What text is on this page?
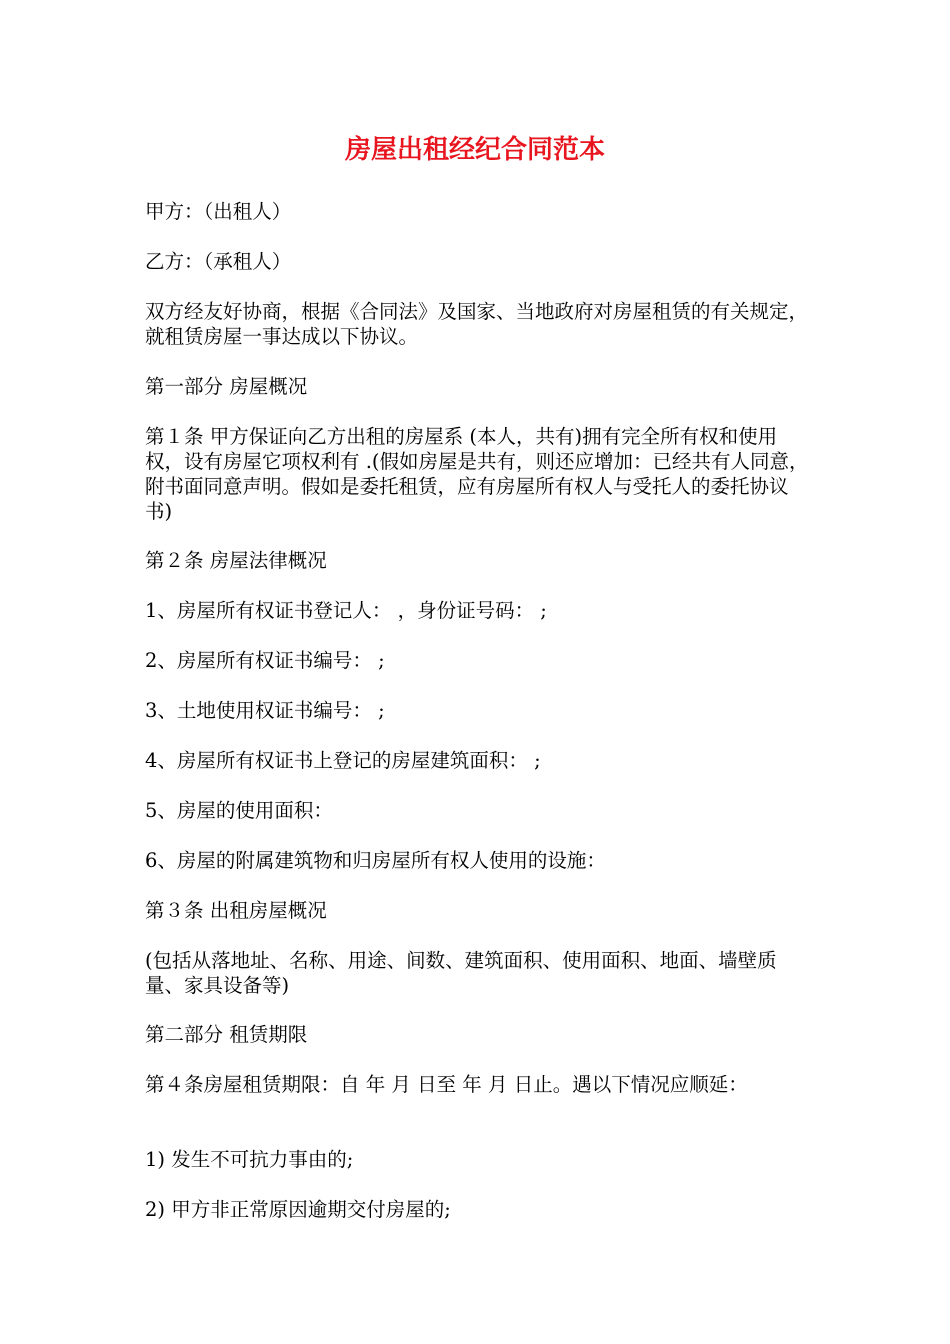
房屋出租经纪合同范本

甲方：（出租人）

乙方：（承租人）

双方经友好协商，根据《合同法》及国家、当地政府对房屋租赁的有关规定，就租赁房屋一事达成以下协议。

第一部分 房屋概况

第１条 甲方保证向乙方出租的房屋系 (本人，共有)拥有完全所有权和使用权，设有房屋它项权利有 .(假如房屋是共有，则还应增加：已经共有人同意，附书面同意声明。假如是委托租赁，应有房屋所有权人与受托人的委托协议书)

第２条 房屋法律概况

1、房屋所有权证书登记人： ，身份证号码： ;

2、房屋所有权证书编号： ;

3、土地使用权证书编号： ;

4、房屋所有权证书上登记的房屋建筑面积： ;

5、房屋的使用面积：

6、房屋的附属建筑物和归房屋所有权人使用的设施：

第３条 出租房屋概况

(包括从落地址、名称、用途、间数、建筑面积、使用面积、地面、墙壁质量、家具设备等)

第二部分 租赁期限

第４条房屋租赁期限：自 年 月 日至 年 月 日止。遇以下情况应顺延：

1) 发生不可抗力事由的;

2) 甲方非正常原因逾期交付房屋的;
